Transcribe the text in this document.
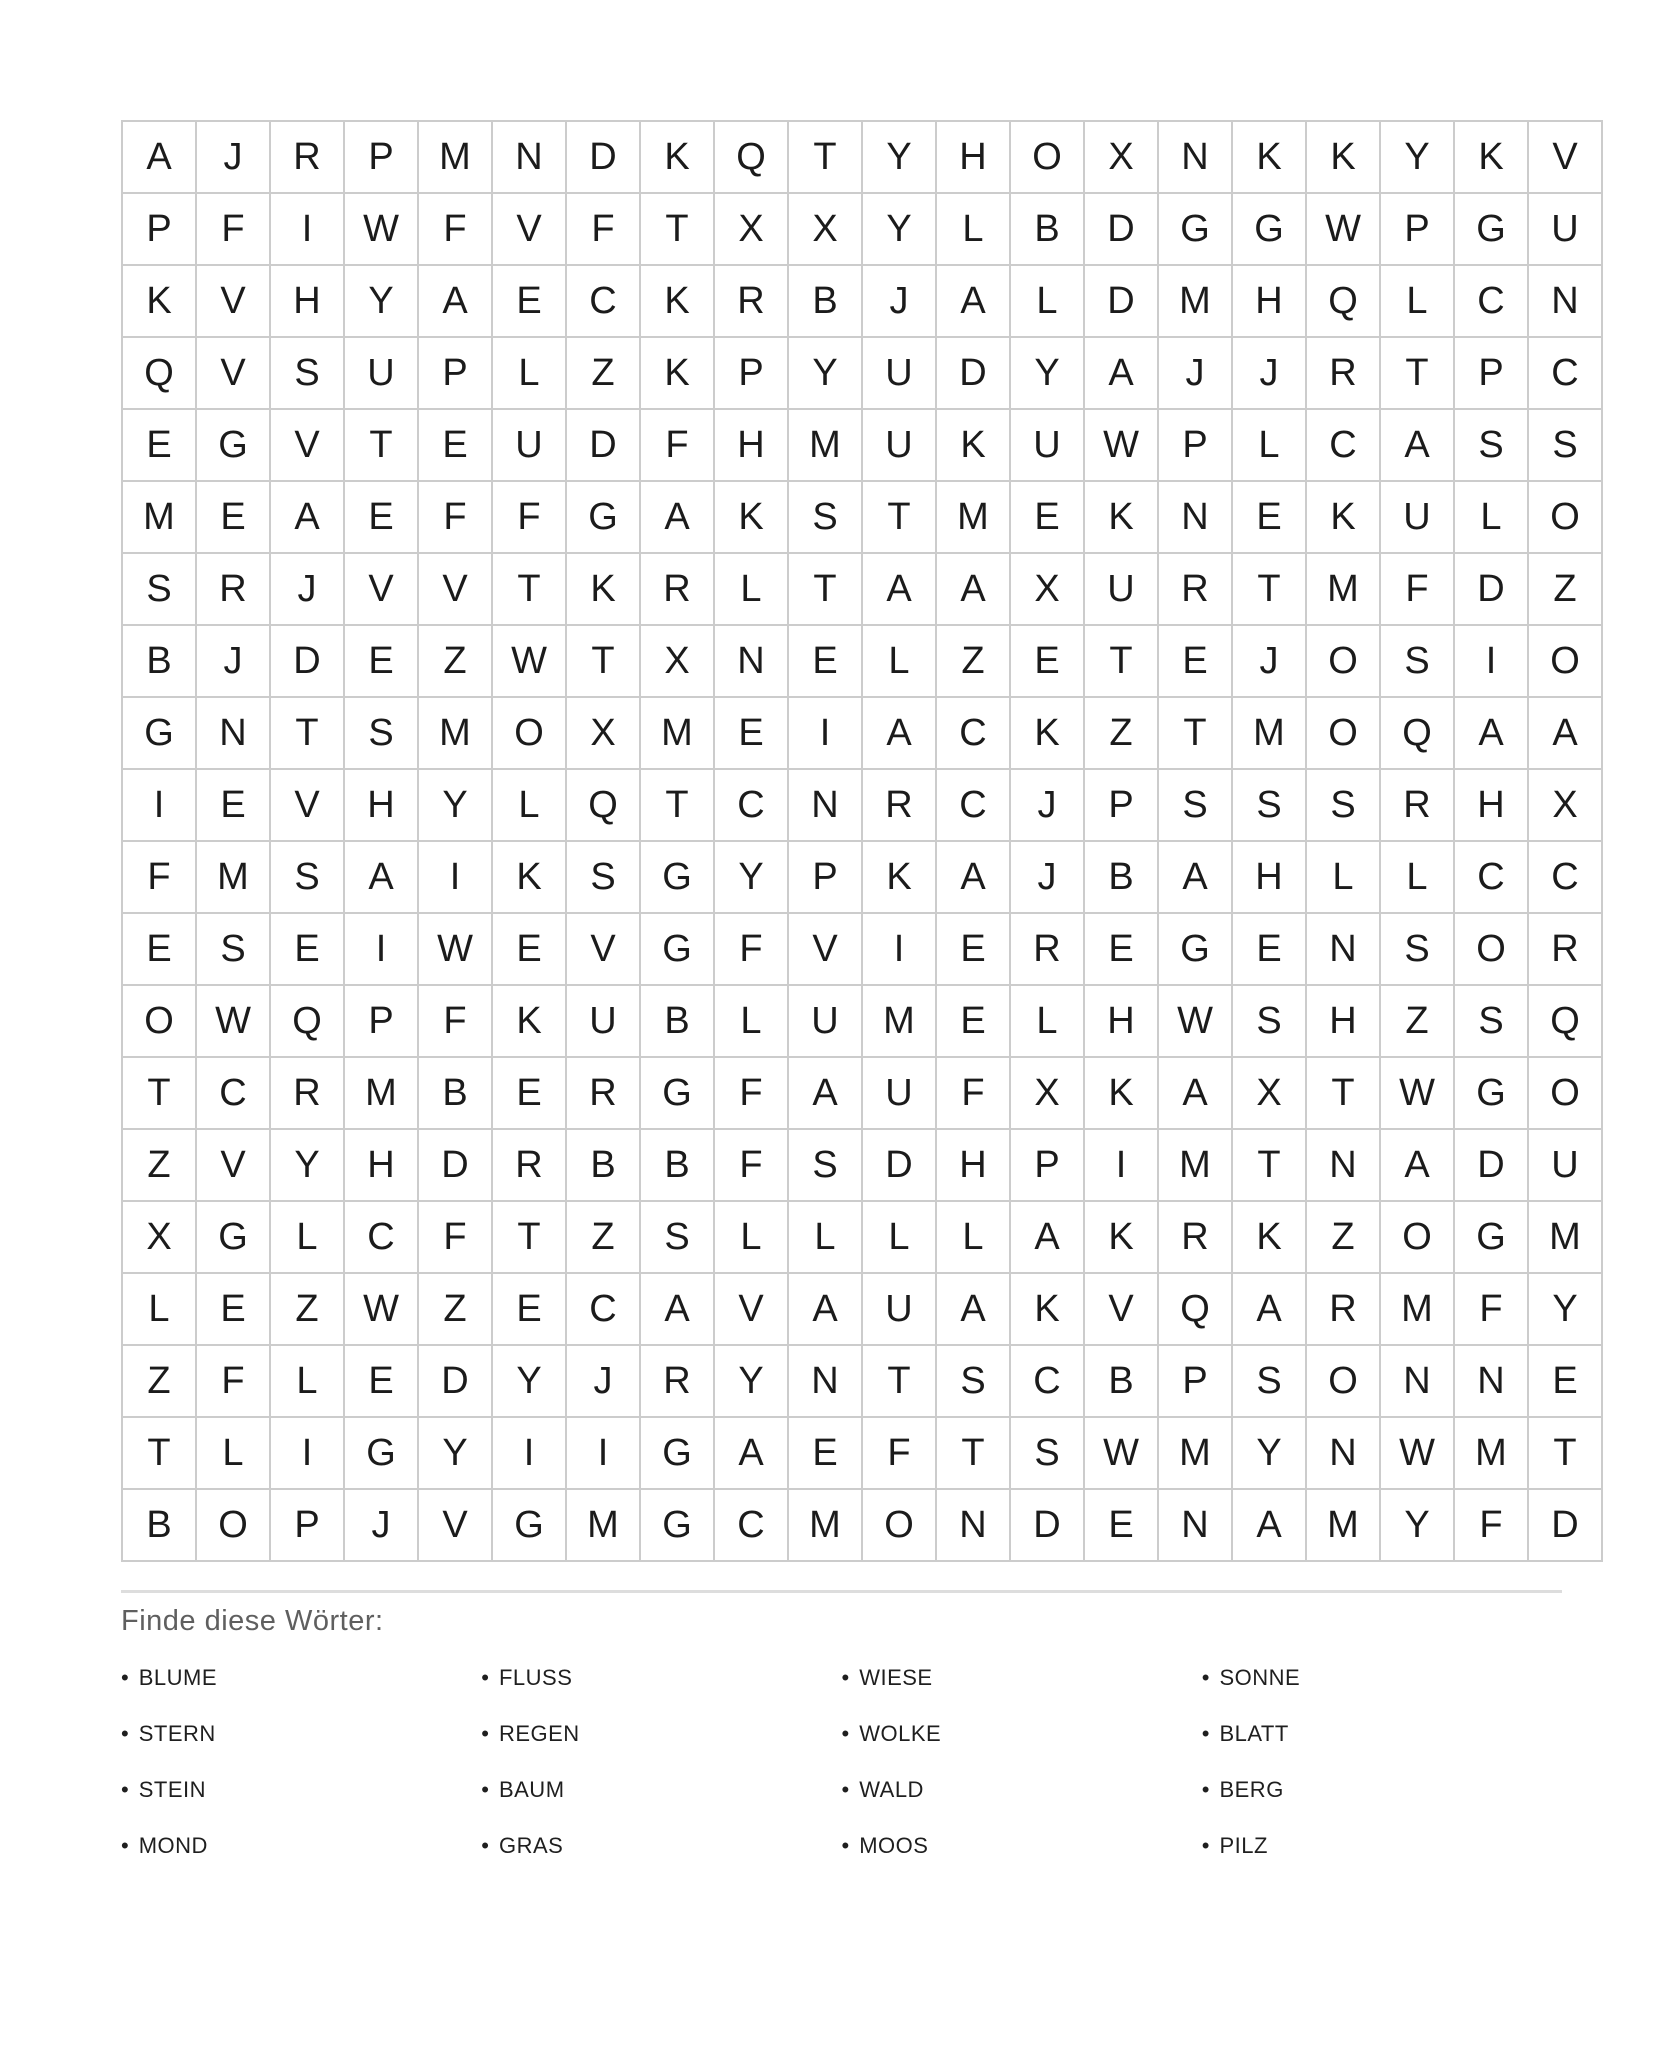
A	J	R	P	M	N	D	K	Q	T	Y	H	O	X	N	K	K	Y	K	V
P	F	I	W	F	V	F	T	X	X	Y	L	B	D	G	G	W	P	G	U
K	V	H	Y	A	E	C	K	R	B	J	A	L	D	M	H	Q	L	C	N
Q	V	S	U	P	L	Z	K	P	Y	U	D	Y	A	J	J	R	T	P	C
E	G	V	T	E	U	D	F	H	M	U	K	U	W	P	L	C	A	S	S
M	E	A	E	F	F	G	A	K	S	T	M	E	K	N	E	K	U	L	O
S	R	J	V	V	T	K	R	L	T	A	A	X	U	R	T	M	F	D	Z
B	J	D	E	Z	W	T	X	N	E	L	Z	E	T	E	J	O	S	I	O
G	N	T	S	M	O	X	M	E	I	A	C	K	Z	T	M	O	Q	A	A
I	E	V	H	Y	L	Q	T	C	N	R	C	J	P	S	S	S	R	H	X
F	M	S	A	I	K	S	G	Y	P	K	A	J	B	A	H	L	L	C	C
E	S	E	I	W	E	V	G	F	V	I	E	R	E	G	E	N	S	O	R
O	W	Q	P	F	K	U	B	L	U	M	E	L	H	W	S	H	Z	S	Q
T	C	R	M	B	E	R	G	F	A	U	F	X	K	A	X	T	W	G	O
Z	V	Y	H	D	R	B	B	F	S	D	H	P	I	M	T	N	A	D	U
X	G	L	C	F	T	Z	S	L	L	L	L	A	K	R	K	Z	O	G	M
L	E	Z	W	Z	E	C	A	V	A	U	A	K	V	Q	A	R	M	F	Y
Z	F	L	E	D	Y	J	R	Y	N	T	S	C	B	P	S	O	N	N	E
T	L	I	G	Y	I	I	G	A	E	F	T	S	W	M	Y	N	W	M	T
B	O	P	J	V	G	M	G	C	M	O	N	D	E	N	A	M	Y	F	D
Finde diese Wörter:
• BLUME	• FLUSS	• WIESE	• SONNE
• STERN	• REGEN	• WOLKE	• BLATT
• STEIN	• BAUM	• WALD	• BERG
• MOND	• GRAS	• MOOS	• PILZ
